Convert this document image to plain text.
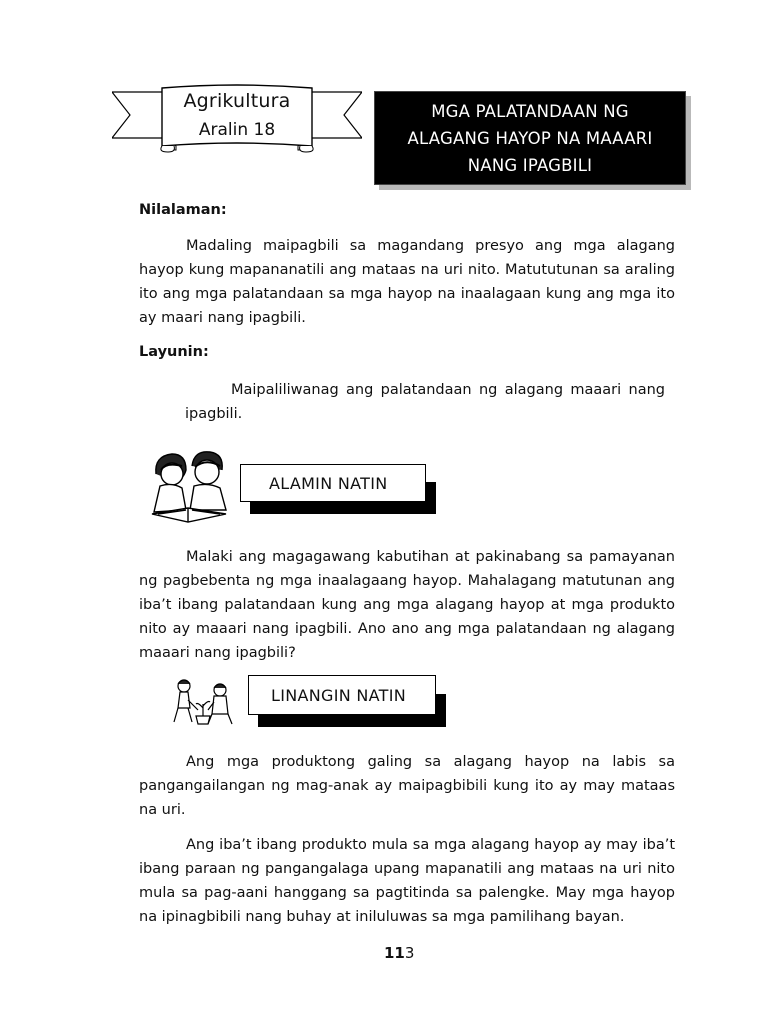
Agrikultura
Aralin 18
MGA PALATANDAAN NG
ALAGANG HAYOP NA MAAARI
NANG IPAGBILI
Nilalaman:
Madaling maipagbili sa magandang presyo ang mga alagang hayop kung mapananatili ang mataas na uri nito. Matututunan sa araling ito ang mga palatandaan sa mga hayop na inaalagaan kung ang mga ito ay maari nang ipagbili.
Layunin:
Maipaliliwanag ang palatandaan ng alagang maaari nang ipagbili.
ALAMIN NATIN
Malaki ang magagawang kabutihan at pakinabang sa pamayanan ng pagbebenta ng mga inaalagaang hayop. Mahalagang matutunan ang iba’t ibang palatandaan kung ang mga alagang hayop at mga produkto nito ay maaari nang ipagbili. Ano ano ang mga palatandaan ng alagang maaari nang ipagbili?
LINANGIN NATIN
Ang mga produktong galing sa alagang hayop na labis sa pangangailangan ng mag-anak ay maipagbibili kung ito ay may mataas na uri.
Ang iba’t ibang produkto mula sa mga alagang hayop ay may iba’t ibang paraan ng pangangalaga upang mapanatili ang mataas na uri nito mula sa pag-aani hanggang sa pagtitinda sa palengke. May mga hayop na ipinagbibili nang buhay at iniluluwas sa mga pamilihang bayan.
113
